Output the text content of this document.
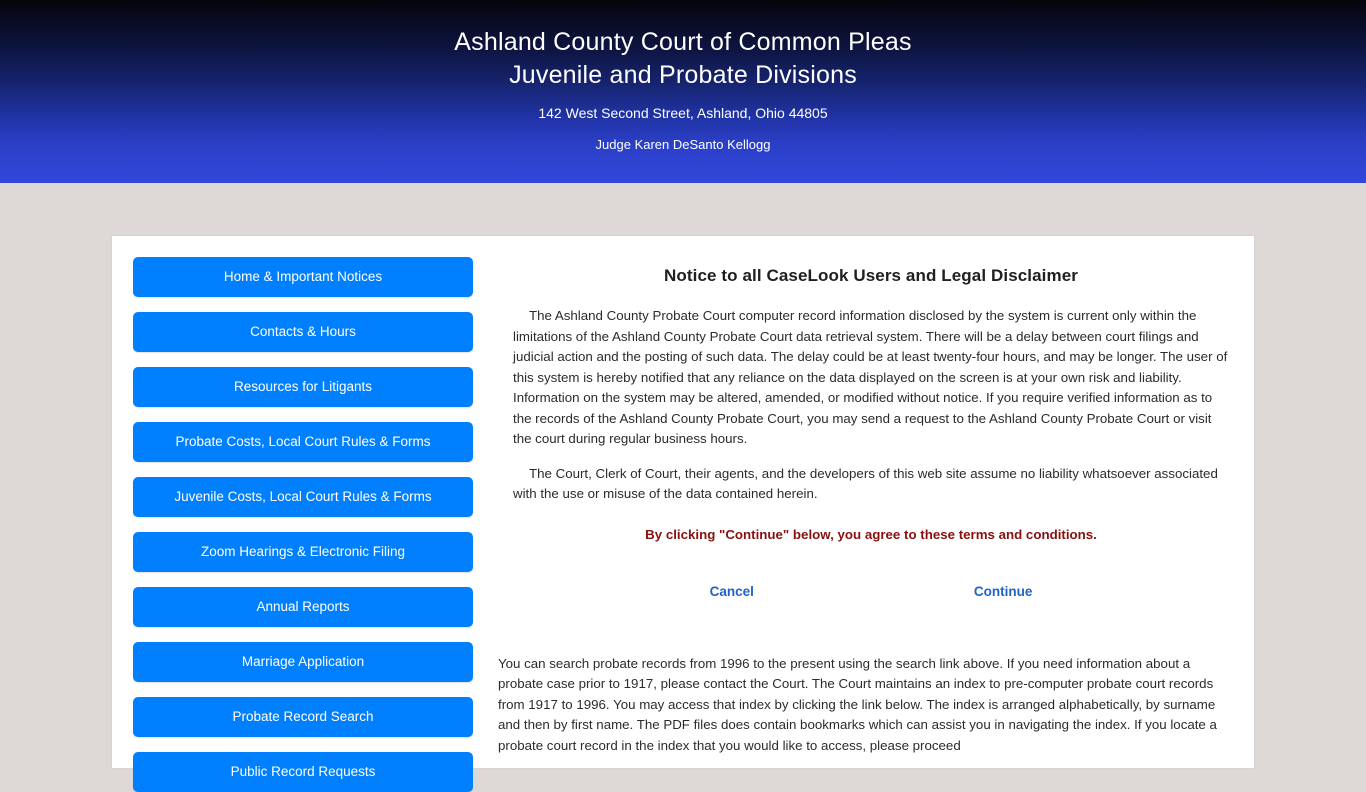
Ashland County Court of Common Pleas
Juvenile and Probate Divisions
142 West Second Street, Ashland, Ohio 44805
Judge Karen DeSanto Kellogg
Home & Important Notices
Contacts & Hours
Resources for Litigants
Probate Costs, Local Court Rules & Forms
Juvenile Costs, Local Court Rules & Forms
Zoom Hearings & Electronic Filing
Annual Reports
Marriage Application
Probate Record Search
Public Record Requests
Notice to all CaseLook Users and Legal Disclaimer

The Ashland County Probate Court computer record information disclosed by the system is current only within the limitations of the Ashland County Probate Court data retrieval system. There will be a delay between court filings and judicial action and the posting of such data. The delay could be at least twenty-four hours, and may be longer. The user of this system is hereby notified that any reliance on the data displayed on the screen is at your own risk and liability. Information on the system may be altered, amended, or modified without notice. If you require verified information as to the records of the Ashland County Probate Court, you may send a request to the Ashland County Probate Court or visit the court during regular business hours.

The Court, Clerk of Court, their agents, and the developers of this web site assume no liability whatsoever associated with the use or misuse of the data contained herein.

By clicking "Continue" below, you agree to these terms and conditions.

Cancel	Continue
You can search probate records from 1996 to the present using the search link above. If you need information about a probate case prior to 1917, please contact the Court. The Court maintains an index to pre-computer probate court records from 1917 to 1996. You may access that index by clicking the link below. The index is arranged alphabetically, by surname and then by first name. The PDF files does contain bookmarks which can assist you in navigating the index. If you locate a probate court record in the index that you would like to access, please proceed
